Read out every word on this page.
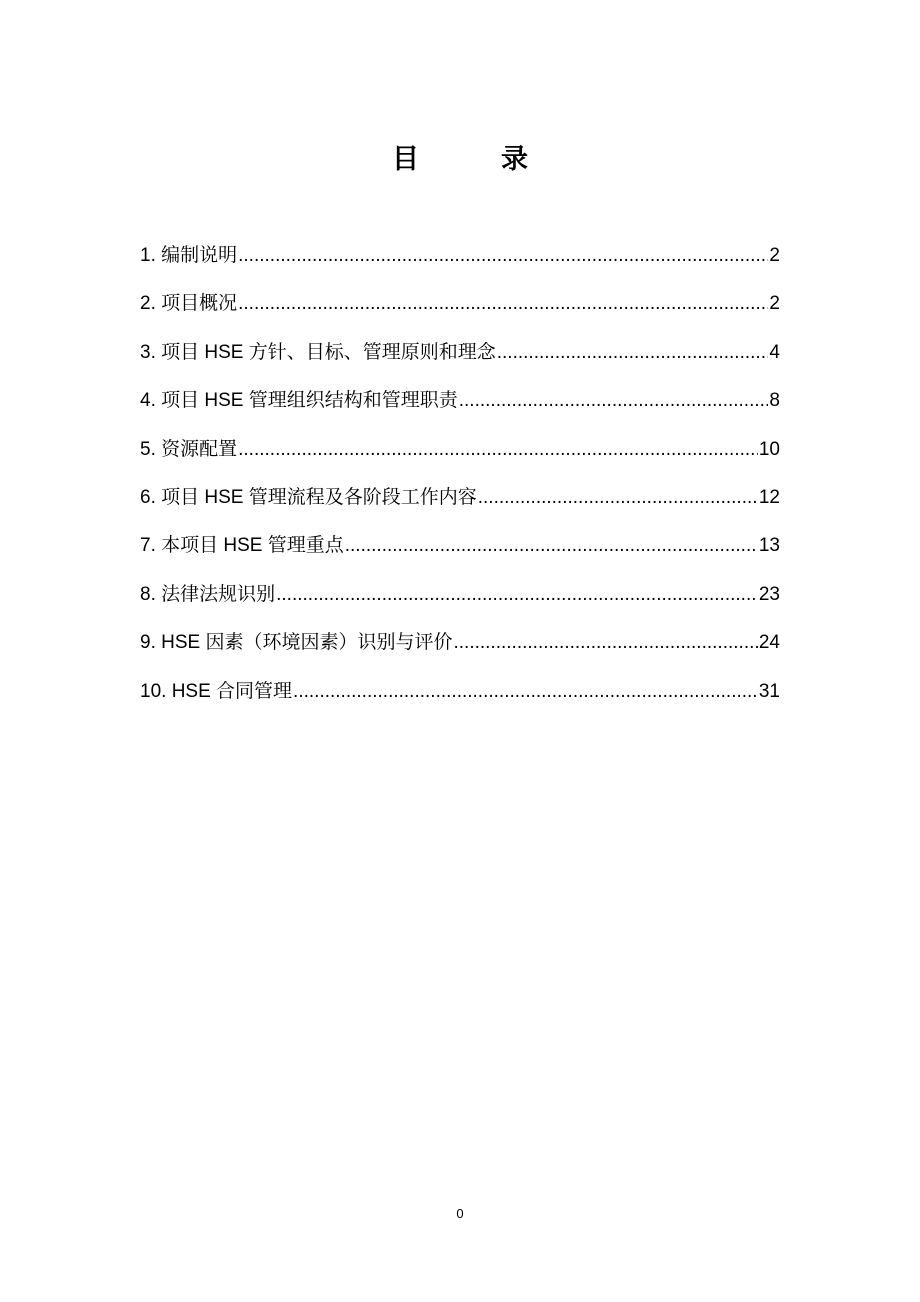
目	录
1. 编制说明 .....	2
2. 项目概况 .....	2
3. 项目 HSE 方针、目标、管理原则和理念 .....	4
4. 项目 HSE 管理组织结构和管理职责 .....	8
5. 资源配置 .....	10
6. 项目 HSE 管理流程及各阶段工作内容 .....	12
7. 本项目 HSE 管理重点 .....	13
8. 法律法规识别 .....	23
9. HSE 因素（环境因素）识别与评价 .....	24
10. HSE 合同管理 .....	31
0
